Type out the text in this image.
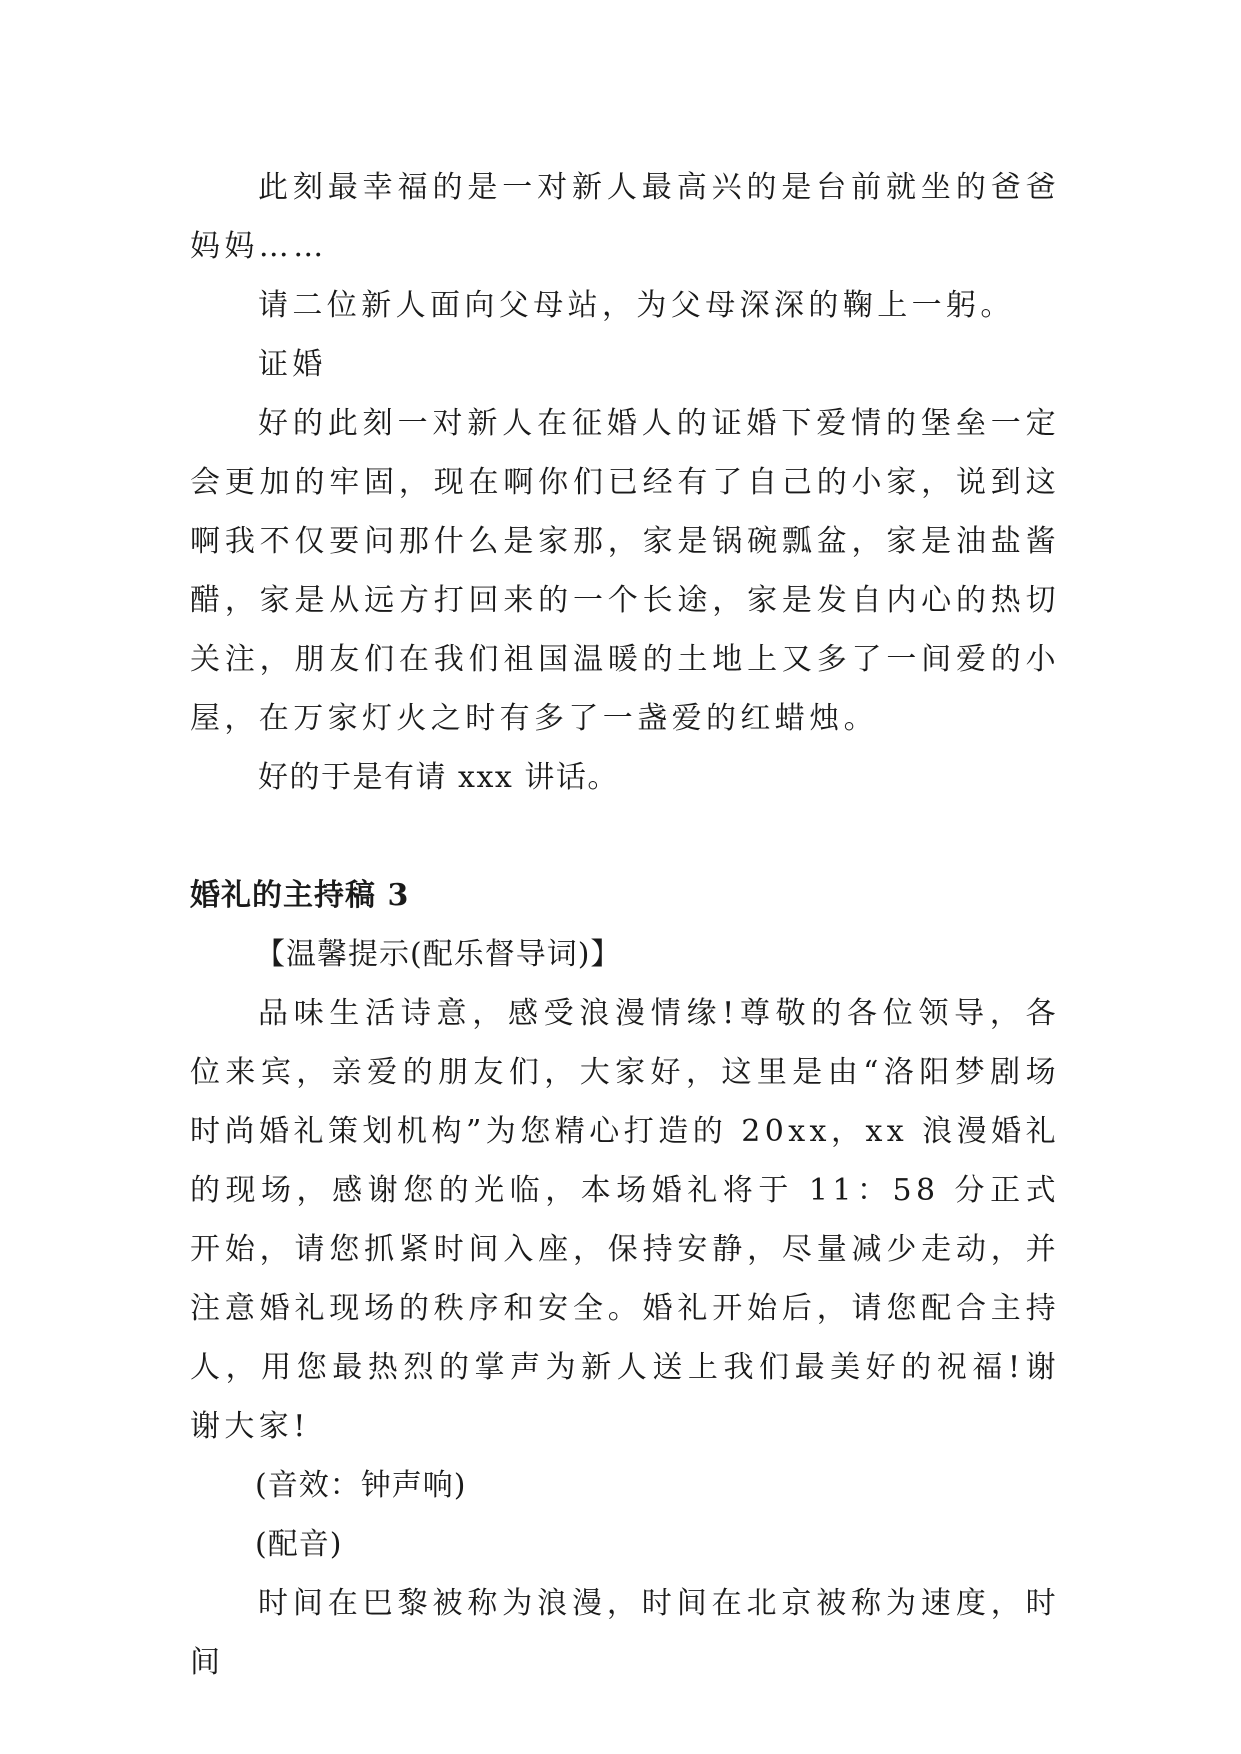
此刻最幸福的是一对新人最高兴的是台前就坐的爸爸妈妈……

请二位新人面向父母站，为父母深深的鞠上一躬。

证婚

好的此刻一对新人在征婚人的证婚下爱情的堡垒一定会更加的牢固，现在啊你们已经有了自己的小家，说到这啊我不仅要问那什么是家那，家是锅碗瓢盆，家是油盐酱醋，家是从远方打回来的一个长途，家是发自内心的热切关注，朋友们在我们祖国温暖的土地上又多了一间爱的小屋，在万家灯火之时有多了一盏爱的红蜡烛。

好的于是有请 xxx 讲话。

婚礼的主持稿 3

【温馨提示(配乐督导词)】

品味生活诗意，感受浪漫情缘!尊敬的各位领导，各位来宾，亲爱的朋友们，大家好，这里是由“洛阳梦剧场时尚婚礼策划机构”为您精心打造的 20xx，xx 浪漫婚礼的现场，感谢您的光临，本场婚礼将于 11：58 分正式开始，请您抓紧时间入座，保持安静，尽量减少走动，并注意婚礼现场的秩序和安全。婚礼开始后，请您配合主持人，用您最热烈的掌声为新人送上我们最美好的祝福!谢谢大家!

(音效：钟声响)

(配音)

时间在巴黎被称为浪漫，时间在北京被称为速度，时间
